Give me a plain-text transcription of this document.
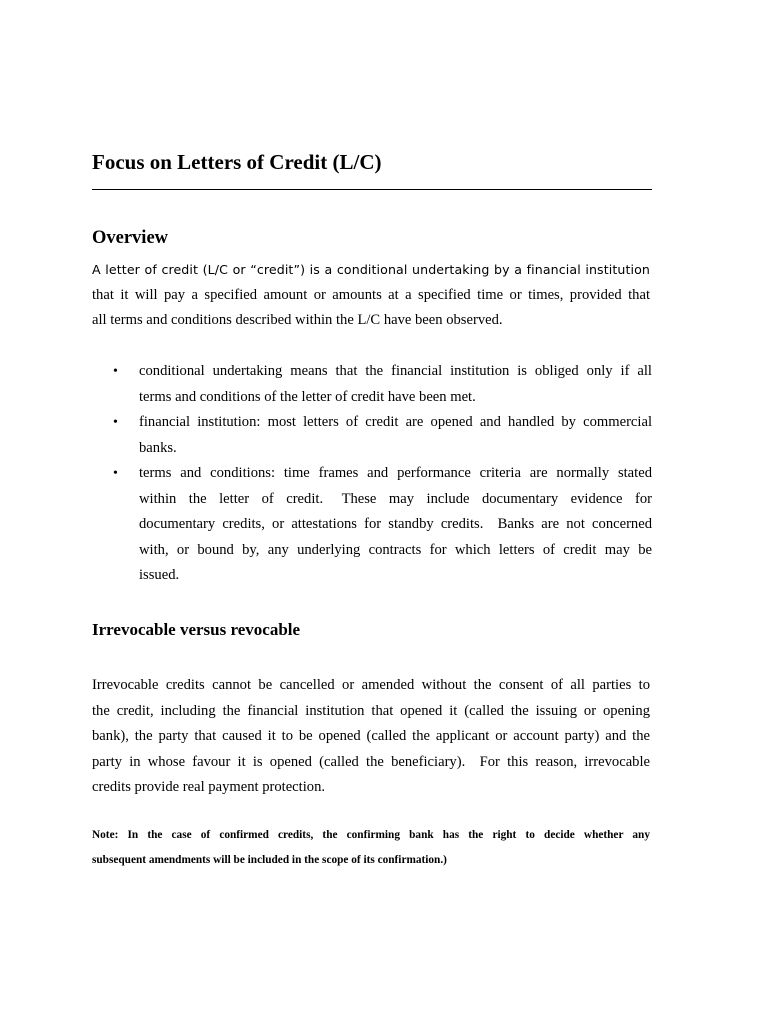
Focus on Letters of Credit (L/C)
Overview
A letter of credit (L/C or “credit”) is a conditional undertaking by a financial institution
that it will pay a specified amount or amounts at a specified time or times, provided that
all terms and conditions described within the L/C have been observed.
• conditional undertaking means that the financial institution is obliged only if all
terms and conditions of the letter of credit have been met.
• financial institution: most letters of credit are opened and handled by commercial
banks.
• terms and conditions: time frames and performance criteria are normally stated
within  the  letter  of  credit.   These  may  include  documentary  evidence  for
documentary credits, or attestations for standby credits.  Banks are not concerned
with, or bound by, any underlying contracts for which letters of credit may be
issued.
Irrevocable versus revocable
Irrevocable credits cannot be cancelled or amended without the consent of all parties to
the credit, including the financial institution that opened it (called the issuing or opening
bank), the party that caused it to be opened (called the applicant or account party) and the
party in whose favour it is opened (called the beneficiary).  For this reason, irrevocable
credits provide real payment protection.
Note: In the case of confirmed credits, the confirming bank has the right to decide whether any
subsequent amendments will be included in the scope of its confirmation.)
